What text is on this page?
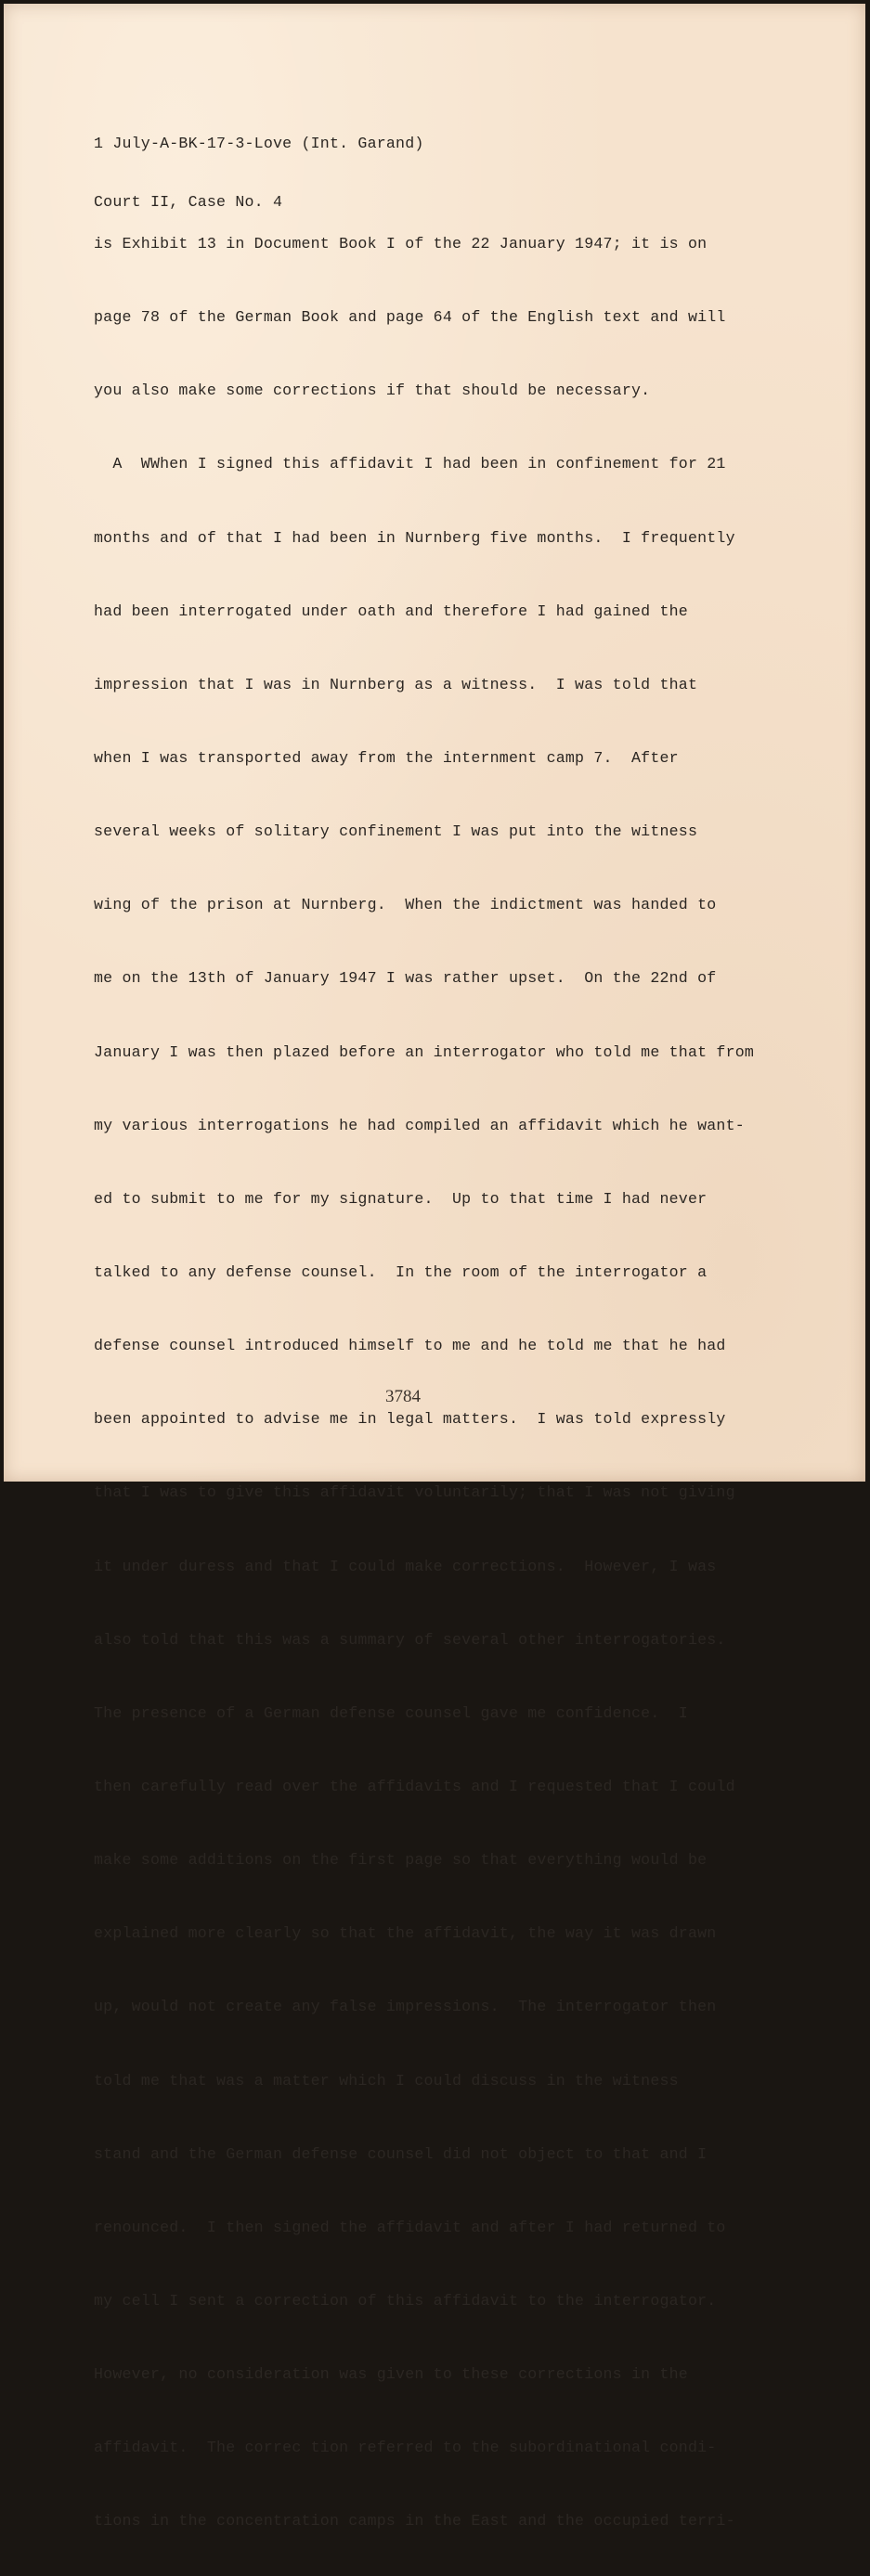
1 July-A-BK-17-3-Love (Int. Garand)

Court II, Case No. 4

is Exhibit 13 in Document Book I of the 22 January 1947; it is on

page 78 of the German Book and page 64 of the English text and will

you also make some corrections if that should be necessary.

A  WWhen I signed this affidavit I had been in confinement for 21

months and of that I had been in Nurnberg five months.  I frequently

had been interrogated under oath and therefore I had gained the

impression that I was in Nurnberg as a witness.  I was told that

when I was transported away from the internment camp 7.  After

several weeks of solitary confinement I was put into the witness

wing of the prison at Nurnberg.  When the indictment was handed to

me on the 13th of January 1947 I was rather upset.  On the 22nd of

January I was then plazed before an interrogator who told me that from

my various interrogations he had compiled an affidavit which he want-

ed to submit to me for my signature.  Up to that time I had never

talked to any defense counsel.  In the room of the interrogator a

defense counsel introduced himself to me and he told me that he had

been appointed to advise me in legal matters.  I was told expressly

that I was to give this affidavit voluntarily; that I was not giving

it under duress and that I could make corrections.  However, I was

also told that this was a summary of several other interrogatories.

The presence of a German defense counsel gave me confidence.  I

then carefully read over the affidavits and I requested that I could

make some additions on the first page so that everything would be

explained more clearly so that the affidavit, the way it was drawn

up, would not create any false impressions.  The interrogator then

told me that was a matter which I could discuss in the witness

stand and the German defense counsel did not object to that and I

renounced.  I then signed the affidavit and after I had returned to

my cell I sent a correction of this affidavit to the interrogator.

However, no consideration was given to these corrections in the

affidavit.  The correc tion referred to the subordinational condi-

tions in the concentration camps in the East and the occupied terri-

3784
